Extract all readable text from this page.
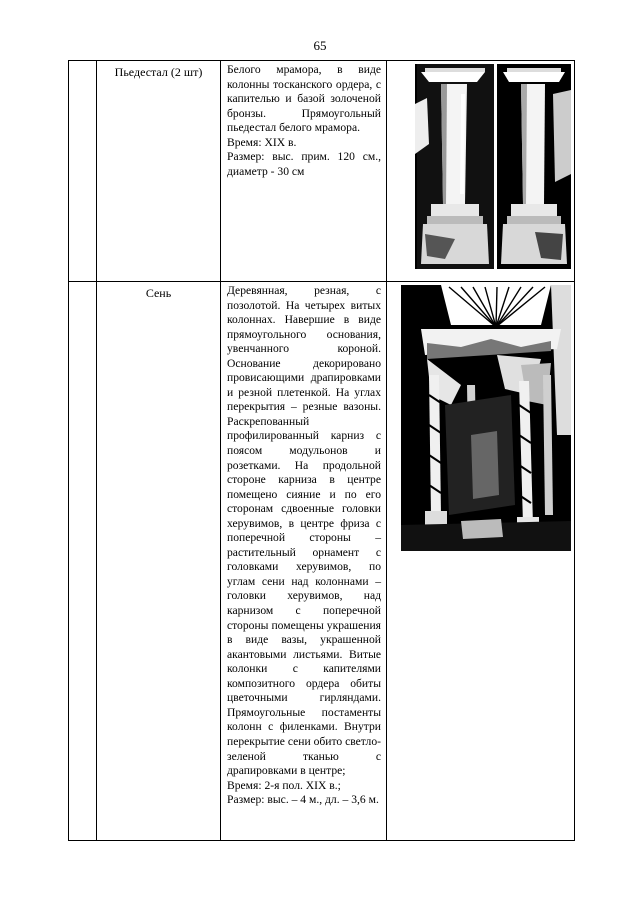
65

	Пьедестал (2 шт)	Белого мрамора, в виде колонны тосканского ордера, с капителью и базой золоченой бронзы. Прямоугольный пьедестал белого мрамора.

Время: XIX в.

Размер: выс. прим. 120 см., диаметр - 30 см

	Сень	Деревянная, резная, с позолотой. На четырех витых колоннах. Навершие в виде прямоугольного основания, увенчанного короной. Основание декорировано провисающими драпировками и резной плетенкой. На углах перекрытия – резные вазоны. Раскрепованный профилированный карниз с поясом модульонов и розетками. На продольной стороне карниза в центре помещено сияние и по его сторонам сдвоенные головки херувимов, в центре фриза с поперечной стороны – растительный орнамент с головками херувимов, по углам сени над колоннами – головки херувимов, над карнизом с поперечной стороны помещены украшения в виде вазы, украшенной акантовыми листьями. Витые колонки с капителями композитного ордера обиты цветочными гирляндами. Прямоугольные постаменты колонн с филенками. Внутри перекрытие сени обито светло-зеленой тканью с драпировками в центре;

Время: 2-я пол. XIX в.;

Размер: выс. – 4 м., дл. – 3,6 м.
